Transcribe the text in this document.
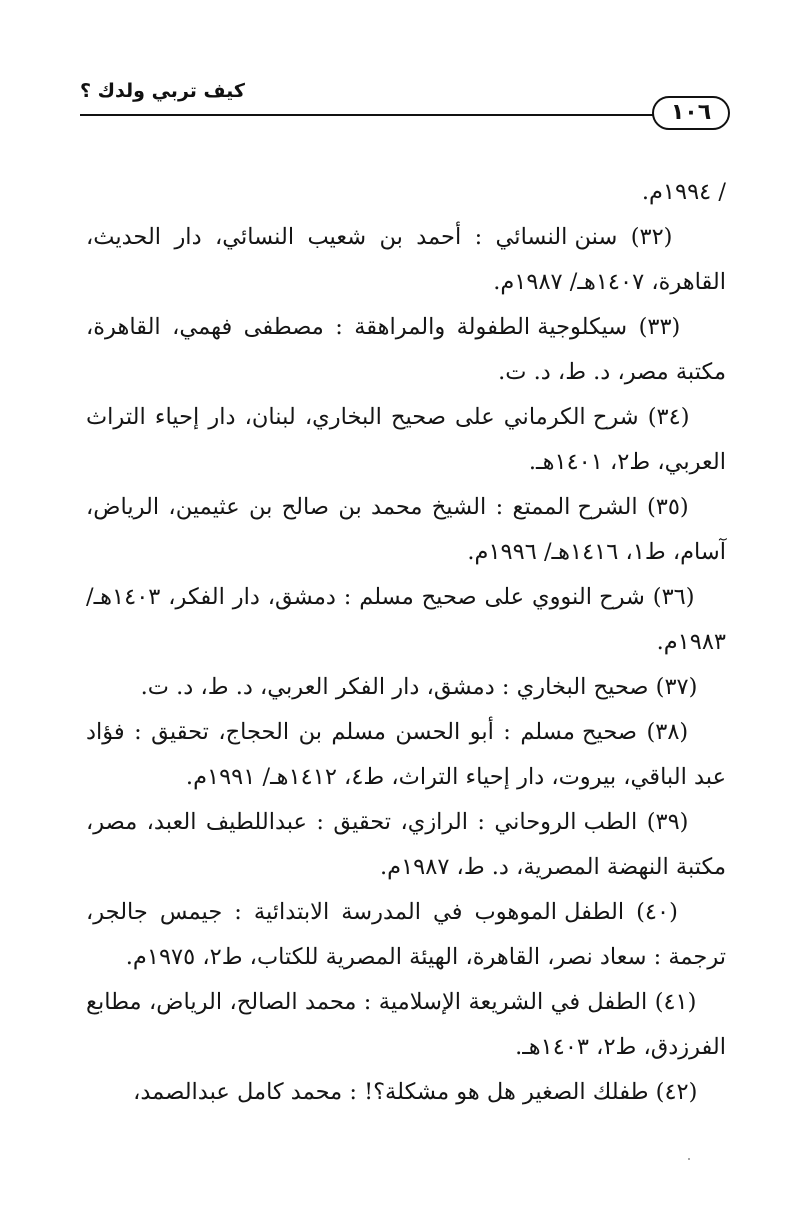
كيف تربي ولدك ؟
١٠٦

/ ١٩٩٤م.

(٣٢) سنن النسائي : أحمد بن شعيب النسائي، دار الحديث، القاهرة، ١٤٠٧هـ/ ١٩٨٧م.

(٣٣) سيكلوجية الطفولة والمراهقة : مصطفى فهمي، القاهرة، مكتبة مصر، د. ط، د. ت.

(٣٤) شرح الكرماني على صحيح البخاري، لبنان، دار إحياء التراث العربي، ط٢، ١٤٠١هـ.

(٣٥) الشرح الممتع : الشيخ محمد بن صالح بن عثيمين، الرياض، آسام، ط١، ١٤١٦هـ/ ١٩٩٦م.

(٣٦) شرح النووي على صحيح مسلم : دمشق، دار الفكر، ١٤٠٣هـ/ ١٩٨٣م.

(٣٧) صحيح البخاري : دمشق، دار الفكر العربي، د. ط، د. ت.

(٣٨) صحيح مسلم : أبو الحسن مسلم بن الحجاج، تحقيق : فؤاد عبد الباقي، بيروت، دار إحياء التراث، ط٤، ١٤١٢هـ/ ١٩٩١م.

(٣٩) الطب الروحاني : الرازي، تحقيق : عبداللطيف العبد، مصر، مكتبة النهضة المصرية، د. ط، ١٩٨٧م.

(٤٠) الطفل الموهوب في المدرسة الابتدائية : جيمس جالجر، ترجمة : سعاد نصر، القاهرة، الهيئة المصرية للكتاب، ط٢، ١٩٧٥م.

(٤١) الطفل في الشريعة الإسلامية : محمد الصالح، الرياض، مطابع الفرزدق، ط٢، ١٤٠٣هـ.

(٤٢) طفلك الصغير هل هو مشكلة؟! : محمد كامل عبدالصمد،
